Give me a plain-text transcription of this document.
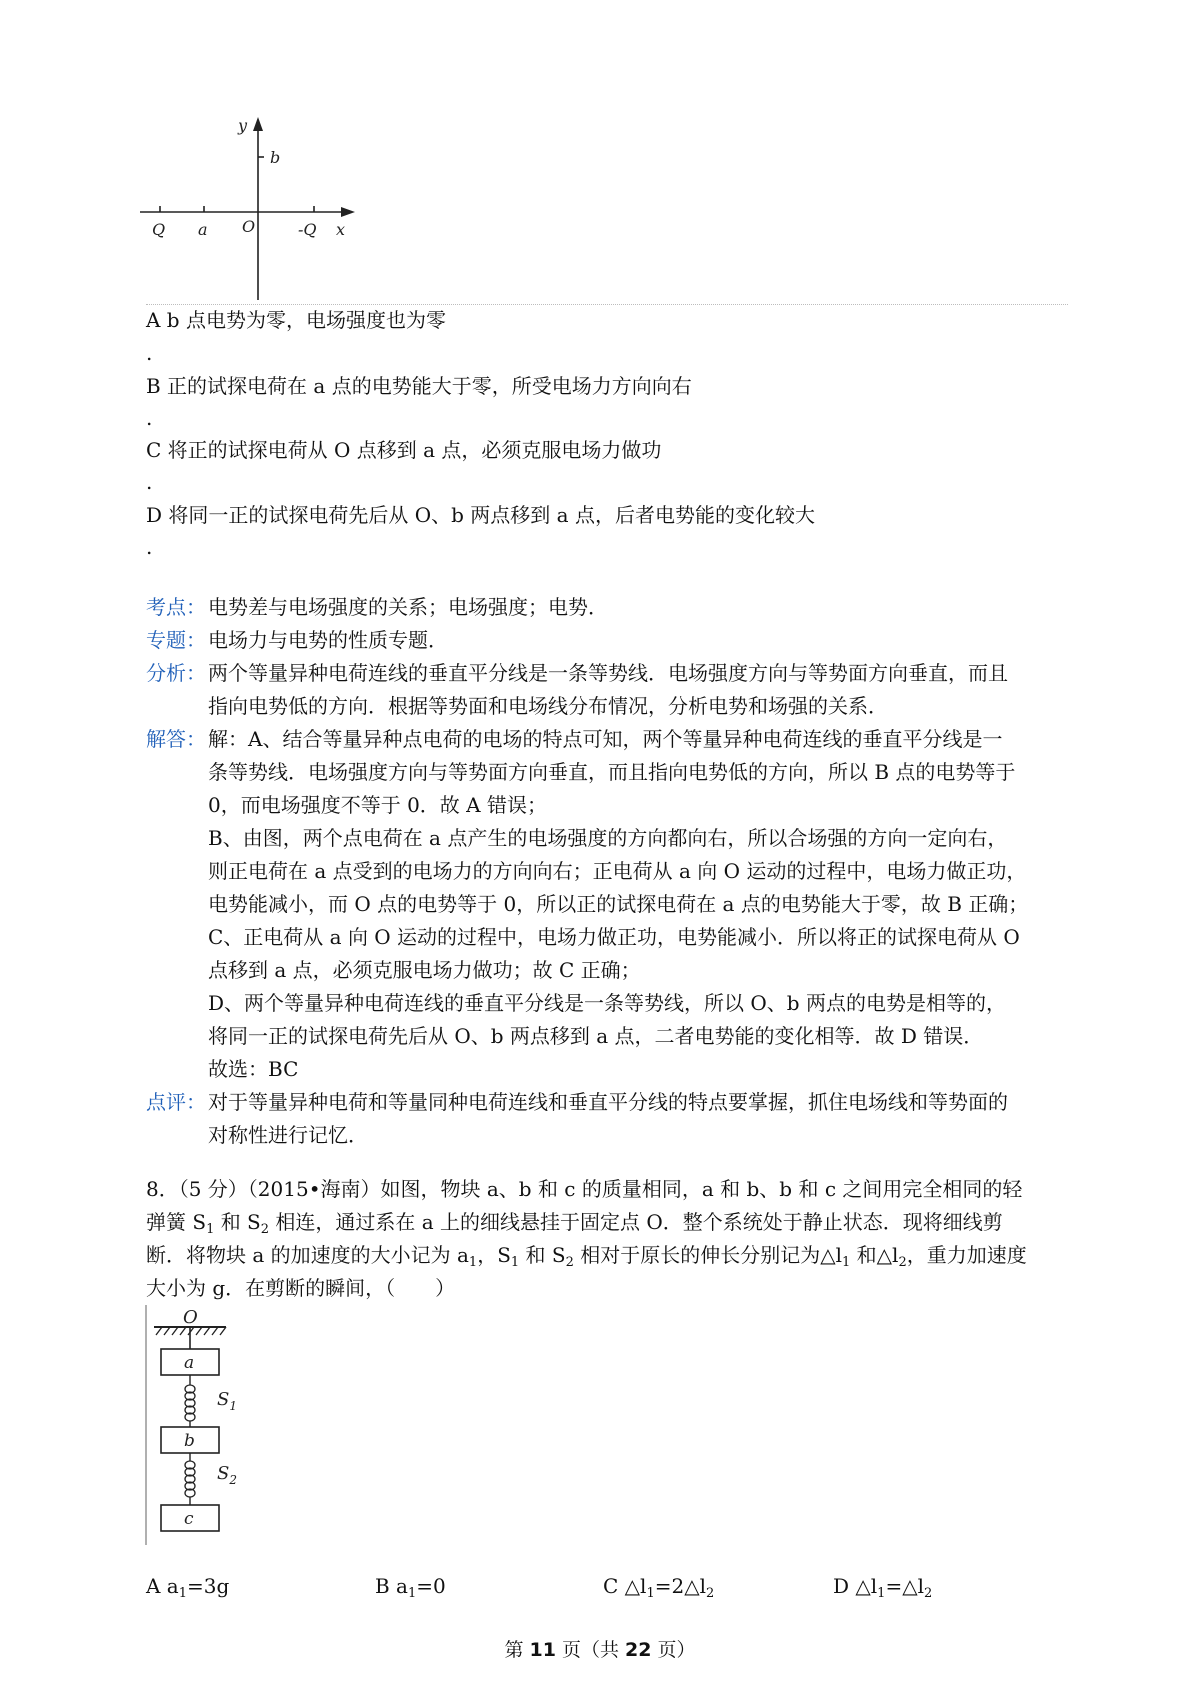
y
b
Q a O	-Q x
A b 点电势为零，电场强度也为零
.
B 正的试探电荷在 a 点的电势能大于零，所受电场力方向向右
.
C 将正的试探电荷从 O 点移到 a 点，必须克服电场力做功
.
D 将同一正的试探电荷先后从 O、b 两点移到 a 点，后者电势能的变化较大
.
考点： 电势差与电场强度的关系；电场强度；电势．
专题： 电场力与电势的性质专题．
分析： 两个等量异种电荷连线的垂直平分线是一条等势线．电场强度方向与等势面方向垂直，而且
指向电势低的方向．根据等势面和电场线分布情况，分析电势和场强的关系．
解答： 解：A、结合等量异种点电荷的电场的特点可知，两个等量异种电荷连线的垂直平分线是一
条等势线．电场强度方向与等势面方向垂直，而且指向电势低的方向，所以 B 点的电势等于
0，而电场强度不等于 0．故 A 错误；
B、由图，两个点电荷在 a 点产生的电场强度的方向都向右，所以合场强的方向一定向右，
则正电荷在 a 点受到的电场力的方向向右；正电荷从 a 向 O 运动的过程中，电场力做正功，
电势能减小，而 O 点的电势等于 0，所以正的试探电荷在 a 点的电势能大于零，故 B 正确；
C、正电荷从 a 向 O 运动的过程中，电场力做正功，电势能减小．所以将正的试探电荷从 O
点移到 a 点，必须克服电场力做功；故 C 正确；
D、两个等量异种电荷连线的垂直平分线是一条等势线，所以 O、b 两点的电势是相等的，
将同一正的试探电荷先后从 O、b 两点移到 a 点，二者电势能的变化相等．故 D 错误．
故选：BC
点评： 对于等量异种电荷和等量同种电荷连线和垂直平分线的特点要掌握，抓住电场线和等势面的
对称性进行记忆．
8．（5 分）（2015•海南）如图，物块 a、b 和 c 的质量相同，a 和 b、b 和 c 之间用完全相同的轻
弹簧 $S_1$ 和 $S_2$ 相连，通过系在 a 上的细线悬挂于固定点 O．整个系统处于静止状态．现将细线剪
断．将物块 a 的加速度的大小记为 $a_1$，$S_1$ 和 $S_2$ 相对于原长的伸长分别记为$\triangle l_1$ 和$\triangle l_2$，重力加速度
大小为 g．在剪断的瞬间，（　　）
O
a
b
c
$S_1$
$S_2$
A $a_1=3g$	B $a_1=0$	C $\triangle l_1=2\triangle l_2$	D $\triangle l_1=\triangle l_2$
第 11 页（共 22 页）
